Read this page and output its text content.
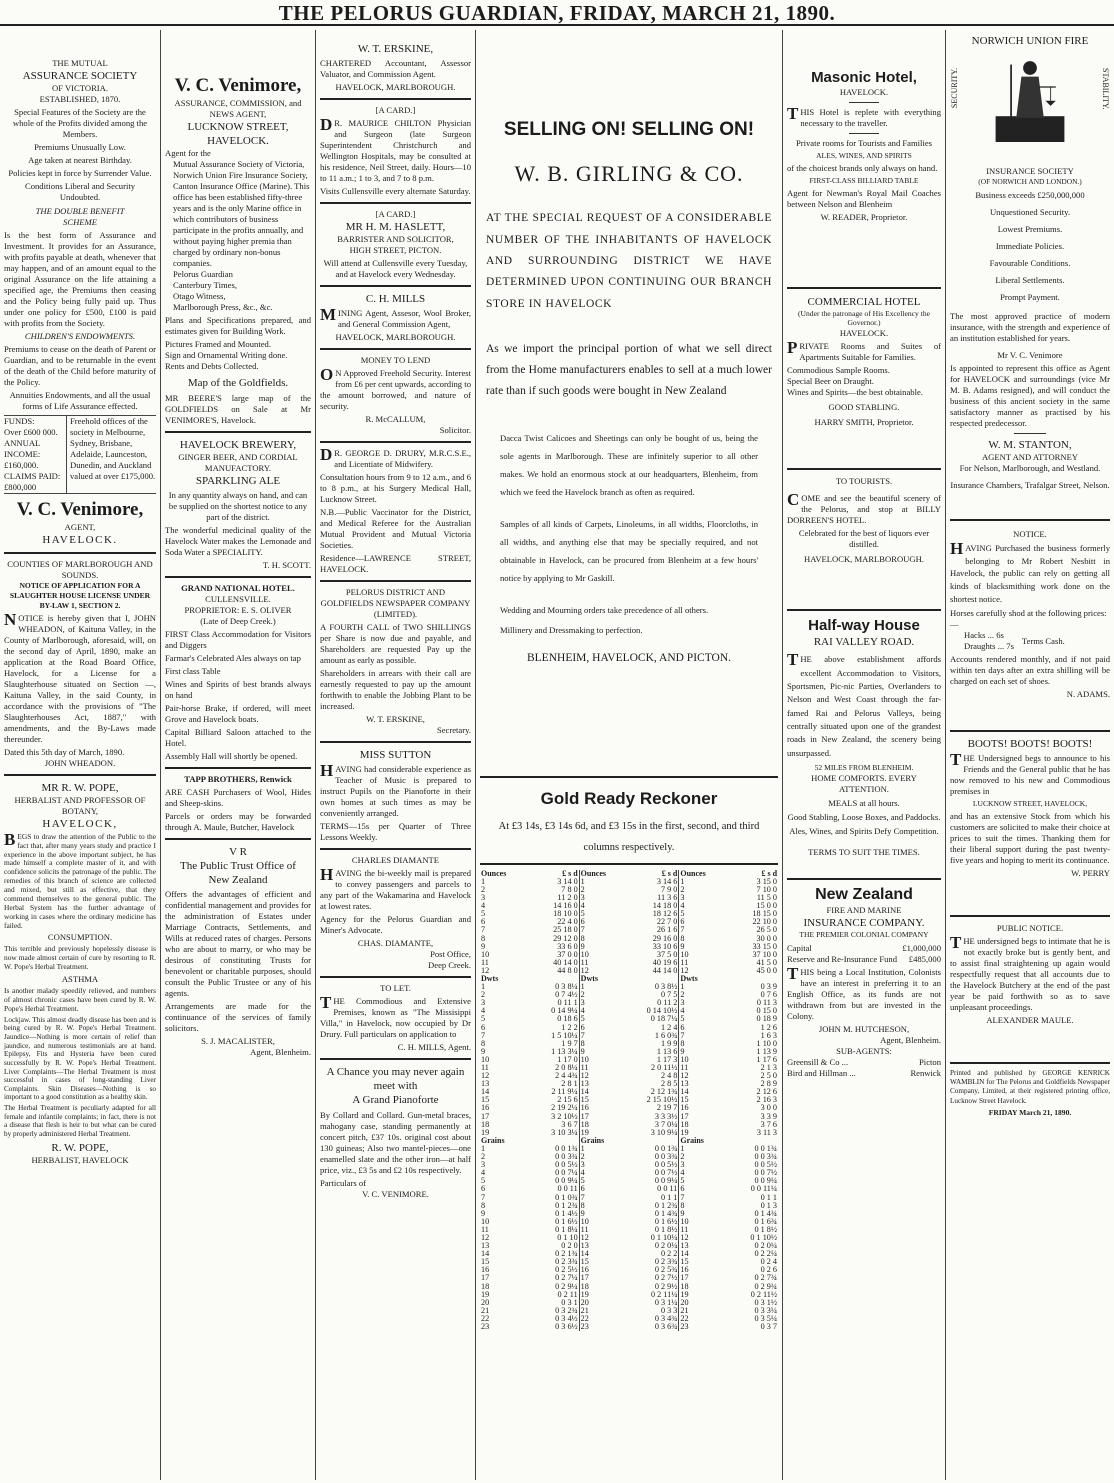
THE PELORUS GUARDIAN, FRIDAY, MARCH 21, 1890.
THE MUTUAL
ASSURANCE SOCIETY
OF VICTORIA.
ESTABLISHED, 1870.

Special Features of the Society are the whole of the Profits divided among the Members.

Premiums Unusually Low.

Age taken at nearest Birthday.

Policies kept in force by Surrender Value.

Conditions Liberal and Security Undoubted.

THE DOUBLE BENEFIT
SCHEME

Is the best form of Assurance and Investment. It provides for an Assurance, with profits payable at death, whenever that may happen, and of an amount equal to the original Assurance on the life attaining a specified age, the Premiums then ceasing and the Policy being fully paid up. Thus under one policy for £500, £100 is paid with profits from the Society.

CHILDREN'S ENDOWMENTS.

Premiums to cease on the death of Parent or Guardian, and to be returnable in the event of the death of the Child before maturity of the Policy.

Annuities Endowments, and all the usual forms of Life Assurance effected.

FUNDS:
Over £600 000.
ANNUAL INCOME:
£160,000.
CLAIMS PAID:
£800,000
Freehold offices of the society in Melbourne, Sydney, Brisbane, Adelaide, Launceston, Dunedin, and Auckland valued at over £175,000.
V. C. Venimore,
AGENT,
HAVELOCK.
COUNTIES OF MARLBOROUGH AND SOUNDS.
NOTICE OF APPLICATION FOR A SLAUGHTER HOUSE LICENSE UNDER BY-LAW 1, SECTION 2.

NOTICE is hereby given that I, JOHN WHEADON, of Kaituna Valley, in the County of Marlborough, aforesaid, will, on the second day of April, 1890, make an application at the Road Board Office, Havelock, for a License for a Slaughterhouse situated on Section —, Kaituna Valley, in the said County, in accordance with the provisions of "The Slaughterhouses Act, 1887," with amendments, and the By-Laws made thereunder.

Dated this 5th day of March, 1890.
JOHN WHEADON.
MR R. W. POPE,
HERBALIST AND PROFESSOR OF BOTANY,
HAVELOCK,

BEGS to draw the attention of the Public to the fact that, after many years study and practice I experience in the above important subject, he has made himself a complete master of it, and with confidence solicits the patronage of the public. The remedies of this branch of science are collected and mixed, but still as effective, that they commend themselves to the general public. The Herbal System has the further advantage of working in cases where the ordinary medicine has failed.

CONSUMPTION.

This terrible and previously hopelessly disease is now made almost certain of cure by resorting to R. W. Pope's Herbal Treatment.

ASTHMA

Is another malady speedily relieved, and numbers of almost chronic cases have been cured by R. W. Pope's Herbal Treatment.

Lockjaw. This almost deadly disease has been and is being cured by R. W. Pope's Herbal Treatment. Jaundice—Nothing is more certain of relief than jaundice, and numerous testimonials are at hand. Epilepsy, Fits and Hysteria have been cured successfully by R. W. Pope's Herbal Treatment. Liver Complaints—The Herbal Treatment is most successful in cases of long-standing Liver Complaints. Skin Diseases—Nothing is so important to a good constitution as a healthy skin.

The Herbal Treatment is peculiarly adapted for all female and infantile complaints; in fact, there is not a disease that flesh is heir to but what can be cured by properly administered Herbal Treatment.

R. W. POPE,
HERBALIST, HAVELOCK
V. C. Venimore,
ASSURANCE, COMMISSION, and
NEWS AGENT,
LUCKNOW STREET,
HAVELOCK.
Agent for the
Mutual Assurance Society of Victoria,
Norwich Union Fire Insurance Society,
Canton Insurance Office (Marine). This office has been established fifty-three years and is the only Marine office in which contributors of business participate in the profits annually, and without paying higher premia than charged by ordinary non-bonus companies.
Pelorus Guardian
Canterbury Times,
Otago Witness,
Marlborough Press, &c., &c.

Plans and Specifications prepared, and estimates given for Building Work.

Pictures Framed and Mounted.
Sign and Ornamental Writing done.
Rents and Debts Collected.
Map of the Goldfields.

MR BEERE'S large map of the GOLDFIELDS on Sale at Mr VENIMORE'S, Havelock.

HAVELOCK BREWERY,
GINGER BEER, AND CORDIAL
MANUFACTORY.
SPARKLING ALE

In any quantity always on hand, and can be supplied on the shortest notice to any part of the district.

The wonderful medicinal quality of the Havelock Water makes the Lemonade and Soda Water a SPECIALITY.

T. H. SCOTT.
GRAND NATIONAL HOTEL.
CULLENSVILLE.
PROPRIETOR: E. S. OLIVER
(Late of Deep Creek.)

FIRST Class Accommodation for Visitors and Diggers

Farmar's Celebrated Ales always on tap

First class Table

Wines and Spirits of best brands always on hand

Pair-horse Brake, if ordered, will meet Grove and Havelock boats.

Capital Billiard Saloon attached to the Hotel.

Assembly Hall will shortly be opened.

TAPP BROTHERS, Renwick

ARE CASH Purchasers of Wool, Hides and Sheep-skins.

Parcels or orders may be forwarded through A. Maule, Butcher, Havelock

V R
The Public Trust Office of
New Zealand

Offers the advantages of efficient and confidential management and provides for the administration of Estates under Marriage Contracts, Settlements, and Wills at reduced rates of charges. Persons who are about to marry, or who may be desirous of constituting Trusts for benevolent or charitable purposes, should consult the Public Trustee or any of his agents.

Arrangements are made for the continuance of the services of family solicitors.

S. J. MACALISTER,
Agent, Blenheim.
W. T. ERSKINE,

CHARTERED Accountant, Assessor Valuator, and Commission Agent.

HAVELOCK, MARLBOROUGH.
[A CARD.]

DR. MAURICE CHILTON Physician and Surgeon (late Surgeon Superintendent Christchurch and Wellington Hospitals, may be consulted at his residence, Neil Street, daily. Hours—10 to 11 a.m.; 1 to 3, and 7 to 8 p.m.

Visits Cullensville every alternate Saturday.

[A CARD.]
MR H. M. HASLETT,
BARRISTER AND SOLICITOR,
HIGH STREET, PICTON.

Will attend at Cullensville every Tuesday, and at Havelock every Wednesday.

C. H. MILLS

MINING Agent, Assesor, Wool Broker, and General Commission Agent,

HAVELOCK, MARLBOROUGH.
MONEY TO LEND

ON Approved Freehold Security. Interest from £6 per cent upwards, according to the amount borrowed, and nature of security.

R. McCALLUM,
Solicitor.

DR. GEORGE D. DRURY, M.R.C.S.E., and Licentiate of Midwifery.

Consultation hours from 9 to 12 a.m., and 6 to 8 p.m., at his Surgery Medical Hall, Lucknow Street.

N.B.—Public Vaccinator for the District, and Medical Referee for the Australian Mutual Provident and Mutual Victoria Societies.

Residence—LAWRENCE STREET, HAVELOCK.

PELORUS DISTRICT AND GOLDFIELDS NEWSPAPER COMPANY (LIMITED).

A FOURTH CALL of TWO SHILLINGS per Share is now due and payable, and Shareholders are requested Pay up the amount as early as possible.

Shareholders in arrears with their call are earnestly requested to pay up the amount forthwith to enable the Jobbing Plant to be increased.

W. T. ERSKINE,
Secretary.
MISS SUTTON

HAVING had considerable experience as Teacher of Music is prepared to instruct Pupils on the Pianoforte in their own homes at such times as may be conveniently arranged.

TERMS—15s per Quarter of Three Lessons Weekly.

CHARLES DIAMANTE

HAVING the bi-weekly mail is prepared to convey passengers and parcels to any part of the Wakamarina and Havelock at lowest rates.

Agency for the Pelorus Guardian and Miner's Advocate.

CHAS. DIAMANTE,
Post Office,
Deep Creek.
TO LET.

THE Commodious and Extensive Premises, known as "The Missisippi Villa," in Havelock, now occupied by Dr Drury. Full particulars on application to

C. H. MILLS, Agent.
A Chance you may never again meet with
A Grand Pianoforte

By Collard and Collard. Gun-metal braces, mahogany case, standing permanently at concert pitch, £37 10s. original cost about 130 guineas; Also two mantel-pieces—one enamelled slate and the other iron—at half price, viz., £3 5s and £2 10s respectively.

Particulars of
V. C. VENIMORE.
SELLING ON! SELLING ON!
W. B. GIRLING & CO.

AT THE SPECIAL REQUEST OF A CONSIDERABLE NUMBER OF THE INHABITANTS OF HAVELOCK AND SURROUNDING DISTRICT WE HAVE DETERMINED UPON CONTINUING OUR BRANCH STORE IN HAVELOCK

As we import the principal portion of what we sell direct from the Home manufacturers enables to sell at a much lower rate than if such goods were bought in New Zealand

Dacca Twist Calicoes and Sheetings can only be bought of us, being the sole agents in Marlborough. These are infinitely superior to all other makes. We hold an enormous stock at our headquarters, Blenheim, from which we feed the Havelock branch as often as required.

Samples of all kinds of Carpets, Linoleums, in all widths, Floorcloths, in all widths, and anything else that may be specially required, and not obtainable in Havelock, can be procured from Blenheim at a few hours' notice by applying to Mr Gaskill.

Wedding and Mourning orders take precedence of all others.

Millinery and Dressmaking to perfection.

BLENHEIM, HAVELOCK, AND PICTON.
Gold Ready Reckoner

At £3 14s, £3 14s 6d, and £3 15s in the first, second, and third columns respectively.

Ounces	£ s d
1	3 14 0
2	7 8 0
3	11 2 0
4	14 16 0
5	18 10 0
6	22 4 0
7	25 18 0
8	29 12 0
9	33 6 0
10	37 0 0
11	40 14 0
12	44 8 0
Dwts	
1	0 3 8¼
2	0 7 4½
3	0 11 1
4	0 14 9¼
5	0 18 6
6	1 2 2
7	1 5 10¼
8	1 9 7
9	1 13 3¼
10	1 17 0
11	2 0 8¼
12	2 4 4¾
13	2 8 1
14	2 11 9¼
15	2 15 6
16	2 19 2¼
17	3 2 10½
18	3 6 7
19	3 10 3¼
Grains	
1	0 0 1¾
2	0 0 3¾
3	0 0 5½
4	0 0 7¼
5	0 0 9¼
6	0 0 11
7	0 1 0¾
8	0 1 2¾
9	0 1 4½
10	0 1 6½
11	0 1 8¼
12	0 1 10
13	0 2 0
14	0 2 1¾
15	0 2 3¾
16	0 2 5½
17	0 2 7¼
18	0 2 9¼
19	0 2 11
20	0 3 1
21	0 3 2¾
22	0 3 4½
23	0 3 6½
Ounces	£ s d
1	3 14 6
2	7 9 0
3	11 3 6
4	14 18 0
5	18 12 6
6	22 7 0
7	26 1 6
8	29 16 0
9	33 10 6
10	37 5 0
11	40 19 6
12	44 14 0
Dwts	
1	0 3 8½
2	0 7 5
3	0 11 2
4	0 14 10½
5	0 18 7¼
6	1 2 4
7	1 6 0¾
8	1 9 9
9	1 13 6
10	1 17 3
11	2 0 11½
12	2 4 8
13	2 8 5
14	2 12 1¾
15	2 15 10½
16	2 19 7
17	3 3 3½
18	3 7 0¼
19	3 10 9¼
Grains	
1	0 0 1¾
2	0 0 3¾
3	0 0 5½
4	0 0 7½
5	0 0 9¼
6	0 0 11
7	0 1 1
8	0 1 2¾
9	0 1 4¾
10	0 1 6½
11	0 1 8½
12	0 1 10¼
13	0 2 0¼
14	0 2 2
15	0 2 3¾
16	0 2 5¾
17	0 2 7½
18	0 2 9½
19	0 2 11¼
20	0 3 1¼
21	0 3 3
22	0 3 4¾
23	0 3 6¾
Ounces	£ s d
1	3 15 0
2	7 10 0
3	11 5 0
4	15 0 0
5	18 15 0
6	22 10 0
7	26 5 0
8	30 0 0
9	33 15 0
10	37 10 0
11	41 5 0
12	45 0 0
Dwts	
1	0 3 9
2	0 7 6
3	0 11 3
4	0 15 0
5	0 18 9
6	1 2 6
7	1 6 3
8	1 10 0
9	1 13 9
10	1 17 6
11	2 1 3
12	2 5 0
13	2 8 9
14	2 12 6
15	2 16 3
16	3 0 0
17	3 3 9
18	3 7 6
19	3 11 3
Grains	
1	0 0 1¾
2	0 0 3¾
3	0 0 5½
4	0 0 7½
5	0 0 9¼
6	0 0 11¼
7	0 1 1
8	0 1 3
9	0 1 4¾
10	0 1 6¾
11	0 1 8½
12	0 1 10½
13	0 2 0¼
14	0 2 2¼
15	0 2 4
16	0 2 6
17	0 2 7¾
18	0 2 9¾
19	0 2 11½
20	0 3 1½
21	0 3 3¼
22	0 3 5¼
23	0 3 7
Masonic Hotel,
HAVELOCK.

THIS Hotel is replete with everything necessary to the traveller.

Private rooms for Tourists and Families

ALES, WINES, AND SPIRITS

of the choicest brands only always on hand.

FIRST-CLASS BILLIARD TABLE

Agent for Newman's Royal Mail Coaches between Nelson and Blenheim

W. READER, Proprietor.
COMMERCIAL HOTEL
(Under the patronage of His Excellency the Governor.)
HAVELOCK.

PRIVATE Rooms and Suites of Apartments Suitable for Families.

Commodious Sample Rooms.
Special Beer on Draught.
Wines and Spirits—the best obtainable.
GOOD STABLING.
HARRY SMITH, Proprietor.
TO TOURISTS.

COME and see the beautiful scenery of the Pelorus, and stop at BILLY DORREEN'S HOTEL.

Celebrated for the best of liquors ever distilled.

HAVELOCK, MARLBOROUGH.
Half-way House
RAI VALLEY ROAD.

THE above establishment affords excellent Accommodation to Visitors, Sportsmen, Pic-nic Parties, Overlanders to Nelson and West Coast through the far-famed Rai and Pelorus Valleys, being centrally situated upon one of the grandest roads in New Zealand, the scenery being unsurpassed.

52 MILES FROM BLENHEIM.
HOME COMFORTS. EVERY ATTENTION.
MEALS at all hours.
Good Stabling, Loose Boxes, and Paddocks.
Ales, Wines, and Spirits Defy Competition.
TERMS TO SUIT THE TIMES.
New Zealand
FIRE AND MARINE
INSURANCE COMPANY.
THE PREMIER COLONIAL COMPANY
Capital	£1,000,000
Reserve and Re-Insurance Fund £485,000

THIS being a Local Institution, Colonists have an interest in preferring it to an English Office, as its funds are not withdrawn from but are invested in the Colony.

JOHN M. HUTCHESON,
Agent, Blenheim.
SUB-AGENTS:
Greensill & Co ...	Picton
Bird and Hillman ...	Renwick
NORWICH UNION FIRE
SECURITY.	STABILITY.
INSURANCE SOCIETY
(OF NORWICH AND LONDON.)
Business exceeds £250,000,000
Unquestioned Security.
Lowest Premiums.
Immediate Policies.
Favourable Conditions.
Liberal Settlements.
Prompt Payment.

The most approved practice of modern insurance, with the strength and experience of an institution established for years.

Mr V. C. Venimore

Is appointed to represent this office as Agent for HAVELOCK and surroundings (vice Mr M. B. Adams resigned), and will conduct the business of this ancient society in the same satisfactory manner as practised by his respected predecessor.

W. M. STANTON,
AGENT AND ATTORNEY
For Nelson, Marlborough, and Westland.
Insurance Chambers, Trafalgar Street, Nelson.
NOTICE.

HAVING Purchased the business formerly belonging to Mr Robert Nesbitt in Havelock, the public can rely on getting all kinds of blacksmithing work done on the shortest notice.

Horses carefully shod at the following prices:—
Hacks ... 6s
Draughts ... 7s
Terms Cash.

Accounts rendered monthly, and if not paid within ten days after an extra shilling will be charged on each set of shoes.

N. ADAMS.
BOOTS! BOOTS! BOOTS!

THE Undersigned begs to announce to his Friends and the General public that he has now removed to his new and Commodious premises in

LUCKNOW STREET, HAVELOCK,

and has an extensive Stock from which his customers are solicited to make their choice at prices to suit the times. Thanking them for their liberal support during the past twenty-five years and hoping to merit its continuance.

W. PERRY
PUBLIC NOTICE.

THE undersigned begs to intimate that he is not exactly broke but is gently bent, and to assist final straightening up again would respectfully request that all accounts due to the Havelock Butchery at the end of the past year be paid forthwith so as to save unpleasant proceedings.

ALEXANDER MAULE.

Printed and published by GEORGE KENRICK WAMBLIN for The Pelorus and Goldfields Newspaper Company, Limited, at their registered printing office, Lucknow Street Havelock.

FRIDAY March 21, 1890.
